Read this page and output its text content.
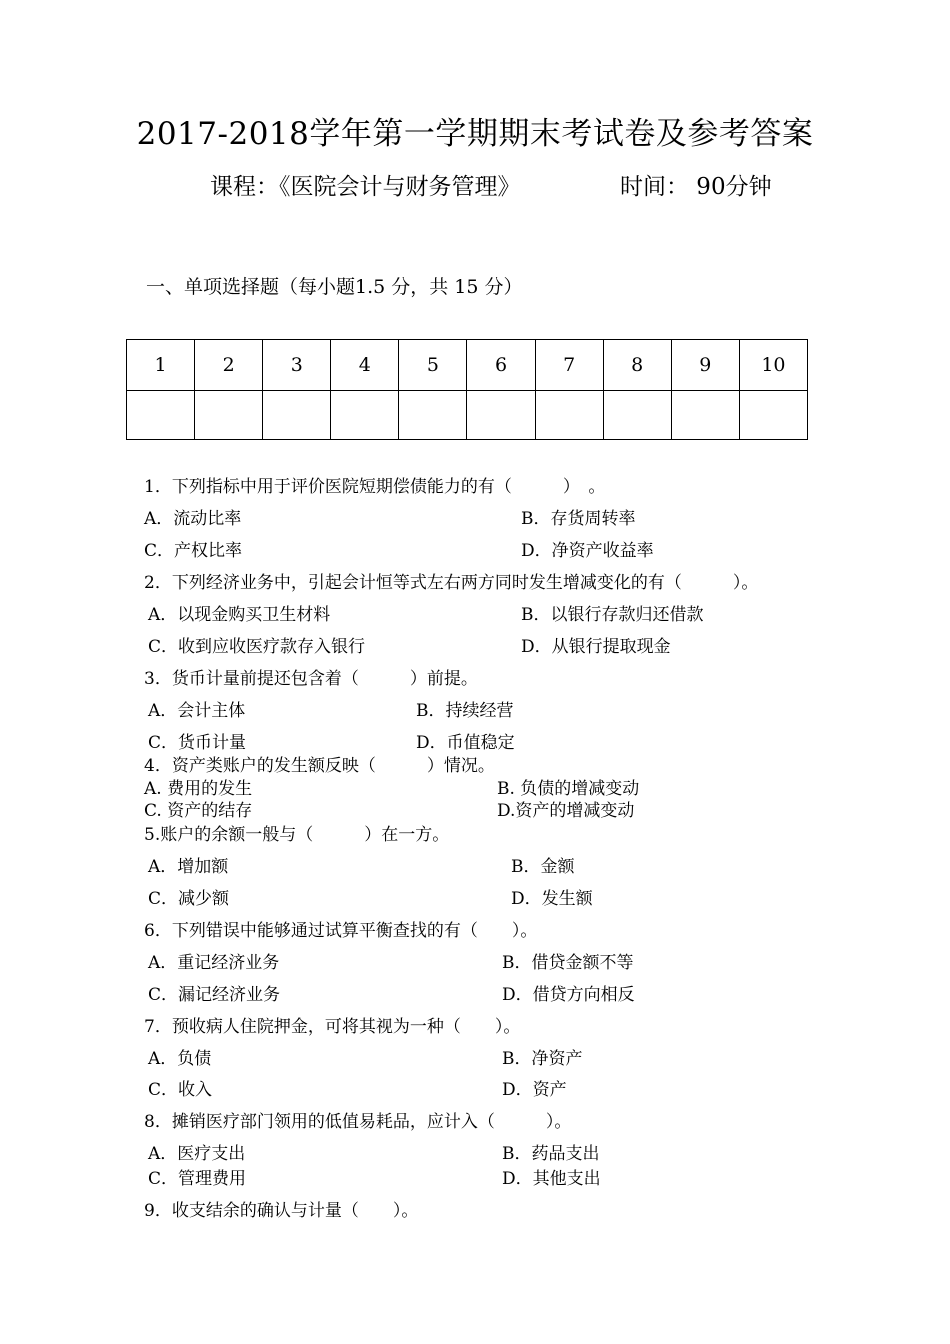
2017-2018学年第一学期期末考试卷及参考答案
课程：《医院会计与财务管理》	时间： 90分钟
一、单项选择题（每小题1.5 分，共 15 分）
1	2	3	4	5	6	7	8	9	10

1．下列指标中用于评价医院短期偿债能力的有（　　　）　。
A．流动比率	B．存货周转率
C．产权比率	D．净资产收益率
2．下列经济业务中，引起会计恒等式左右两方同时发生增减变化的有（　　　）。
A．以现金购买卫生材料	B．以银行存款归还借款
C．收到应收医疗款存入银行	D．从银行提取现金
3．货币计量前提还包含着（　　　）前提。
A．会计主体	B．持续经营
C．货币计量	D．币值稳定
4．资产类账户的发生额反映（　　　）情况。
A. 费用的发生	B. 负债的增减变动
C. 资产的结存	D.资产的增减变动
5.账户的余额一般与（　　　）在一方。
A．增加额	B．金额
C．减少额	D．发生额
6．下列错误中能够通过试算平衡查找的有（　　）。
A．重记经济业务	B．借贷金额不等
C．漏记经济业务	D．借贷方向相反
7．预收病人住院押金，可将其视为一种（　　）。
A．负债	B．净资产
C．收入	D．资产
8．摊销医疗部门领用的低值易耗品，应计入（　　　）。
A．医疗支出	B．药品支出
C．管理费用	D．其他支出
9．收支结余的确认与计量（　　）。
